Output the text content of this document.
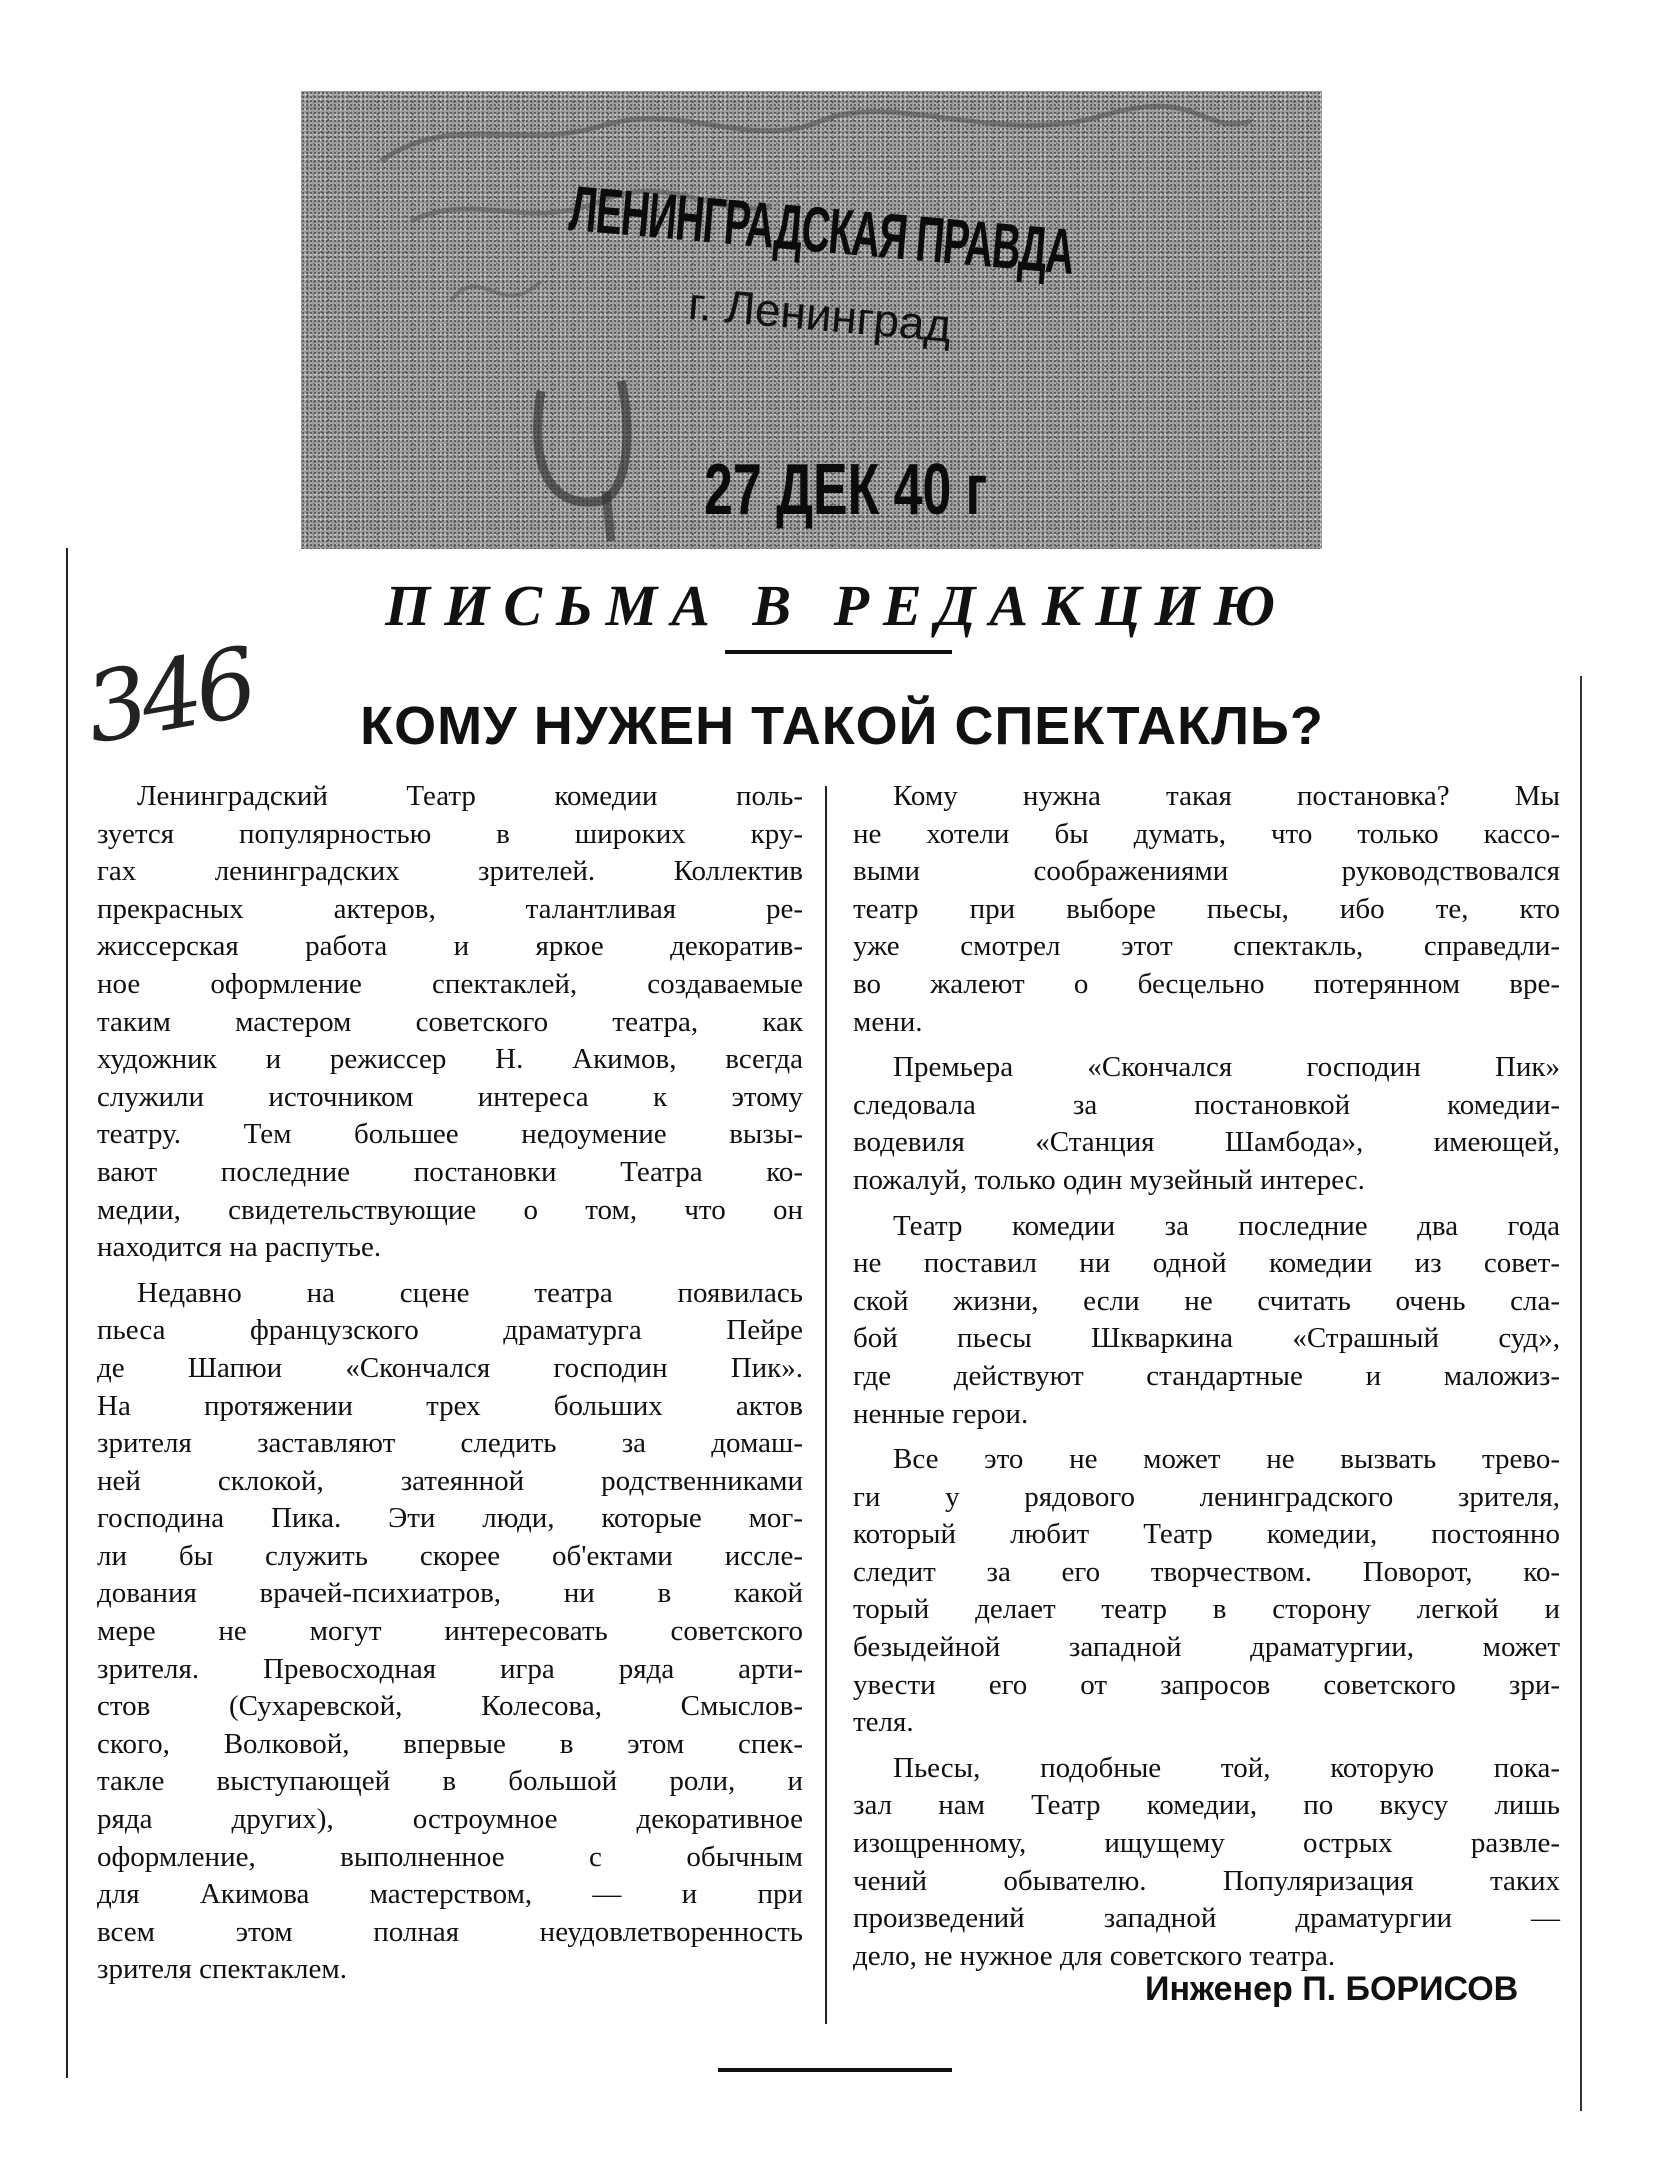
ЛЕНИНГРАДСКАЯ ПРАВДА
г. Ленинград
27 ДЕК 40 г
ПИСЬМА В РЕДАКЦИЮ
346 КОМУ НУЖЕН ТАКОЙ СПЕКТАКЛЬ?
Ленинградский Театр комедии поль-
зуется популярностью в широких кру-
гах ленинградских зрителей. Коллектив
прекрасных актеров, талантливая ре-
жиссерская работа и яркое декоратив-
ное оформление спектаклей, создаваемые
таким мастером советского театра, как
художник и режиссер Н. Акимов, всегда
служили источником интереса к этому
театру. Тем большее недоумение вызы-
вают последние постановки Театра ко-
медии, свидетельствующие о том, что он
находится на распутье.
Недавно на сцене театра появилась
пьеса французского драматурга Пейре
де Шапюи «Скончался господин Пик».
На протяжении трех больших актов
зрителя заставляют следить за домаш-
ней склокой, затеянной родственниками
господина Пика. Эти люди, которые мог-
ли бы служить скорее об'ектами иссле-
дования врачей-психиатров, ни в какой
мере не могут интересовать советского
зрителя. Превосходная игра ряда арти-
стов (Сухаревской, Колесова, Смыслов-
ского, Волковой, впервые в этом спек-
такле выступающей в большой роли, и
ряда других), остроумное декоративное
оформление, выполненное с обычным
для Акимова мастерством, — и при
всем этом полная неудовлетворенность
зрителя спектаклем.
Кому нужна такая постановка? Мы
не хотели бы думать, что только кассо-
выми соображениями руководствовался
театр при выборе пьесы, ибо те, кто
уже смотрел этот спектакль, справедли-
во жалеют о бесцельно потерянном вре-
мени.
Премьера «Скончался господин Пик»
следовала за постановкой комедии-
водевиля «Станция Шамбода», имеющей,
пожалуй, только один музейный интерес.
Театр комедии за последние два года
не поставил ни одной комедии из совет-
ской жизни, если не считать очень сла-
бой пьесы Шкваркина «Страшный суд»,
где действуют стандартные и маложиз-
ненные герои.
Все это не может не вызвать трево-
ги у рядового ленинградского зрителя,
который любит Театр комедии, постоянно
следит за его творчеством. Поворот, ко-
торый делает театр в сторону легкой и
безыдейной западной драматургии, может
увести его от запросов советского зри-
теля.
Пьесы, подобные той, которую пока-
зал нам Театр комедии, по вкусу лишь
изощренному, ищущему острых развле-
чений обывателю. Популяризация таких
произведений западной драматургии —
дело, не нужное для советского театра.
Инженер П. БОРИСОВ
